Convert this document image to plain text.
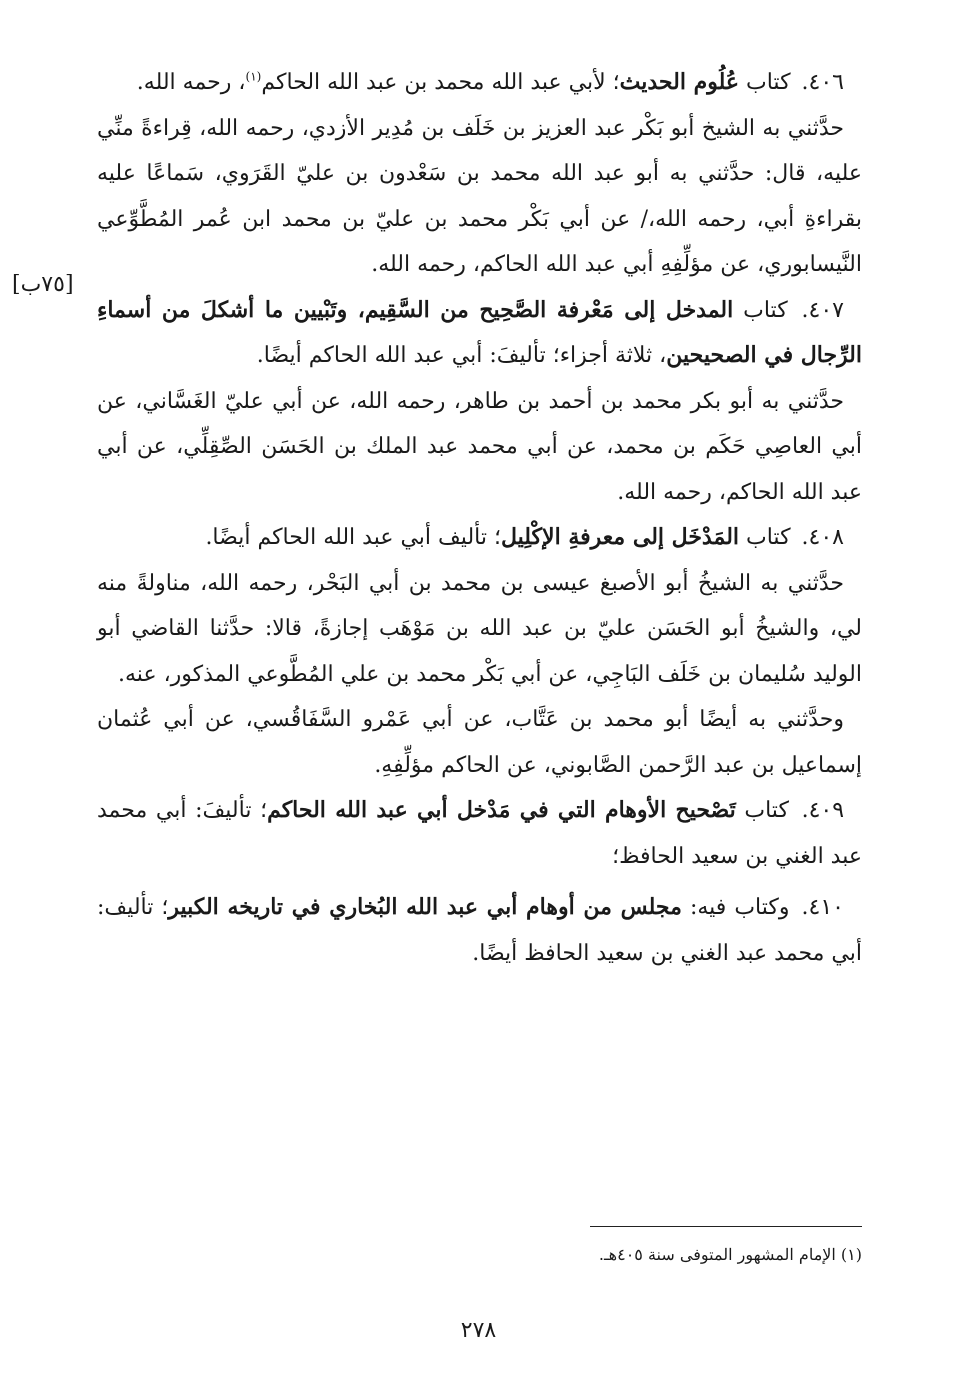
[٧٥ب]

٤٠٦. كتاب عُلُوم الحديث؛ لأبي عبد الله محمد بن عبد الله الحاكم$^{(١)}$، رحمه الله.

حدَّثني به الشيخ أبو بَكْر عبد العزيز بن خَلَف بن مُدِير الأزدي، رحمه الله، قِراءةً منِّي عليه، قال: حدَّثني به أبو عبد الله محمد بن سَعْدون بن عليّ القَرَوي، سَماعًا عليه بقراءةِ أبي، رحمه الله،/ عن أبي بَكْر محمد بن عليّ بن محمد ابن عُمر المُطَّوِّعي النَّيسابوري، عن مؤلِّفِهِ أبي عبد الله الحاكم، رحمه الله.

٤٠٧. كتاب المدخل إلى مَعْرفة الصَّحِيح من السَّقِيم، وتَبْيين ما أشكلَ من أسماءِ الرِّجال في الصحيحين، ثلاثة أجزاء؛ تأليفَ: أبي عبد الله الحاكم أيضًا.

حدَّثني به أبو بكر محمد بن أحمد بن طاهر، رحمه الله، عن أبي عليّ الغَسَّاني، عن أبي العاصِي حَكَم بن محمد، عن أبي محمد عبد الملك بن الحَسَن الصِّقِلِّي، عن أبي عبد الله الحاكم، رحمه الله.

٤٠٨. كتاب المَدْخَل إلى معرفةِ الإكْلِيل؛ تأليف أبي عبد الله الحاكم أيضًا.

حدَّثني به الشيخُ أبو الأصبغ عيسى بن محمد بن أبي البَحْر، رحمه الله، مناولةً منه لي، والشيخُ أبو الحَسَن عليّ بن عبد الله بن مَوْهَب إجازةً، قالا: حدَّثنا القاضي أبو الوليد سُليمان بن خَلَف البَاجِي، عن أبي بَكْر محمد بن علي المُطَّوعي المذكور، عنه.

وحدَّثني به أيضًا أبو محمد بن عَتَّاب، عن أبي عَمْرو السَّفَاقُسي، عن أبي عُثمان إسماعيل بن عبد الرَّحمن الصَّابوني، عن الحاكم مؤلِّفِهِ.

٤٠٩. كتاب تَصْحيح الأوهام التي في مَدْخل أبي عبد الله الحاكم؛ تأليفَ: أبي محمد عبد الغني بن سعيد الحافظ؛

٤١٠. وكتاب فيه: مجلس من أوهام أبي عبد الله البُخاري في تاريخه الكبير؛ تأليف: أبي محمد عبد الغني بن سعيد الحافظ أيضًا.

(١) الإمام المشهور المتوفى سنة ٤٠٥هـ.
٢٧٨
